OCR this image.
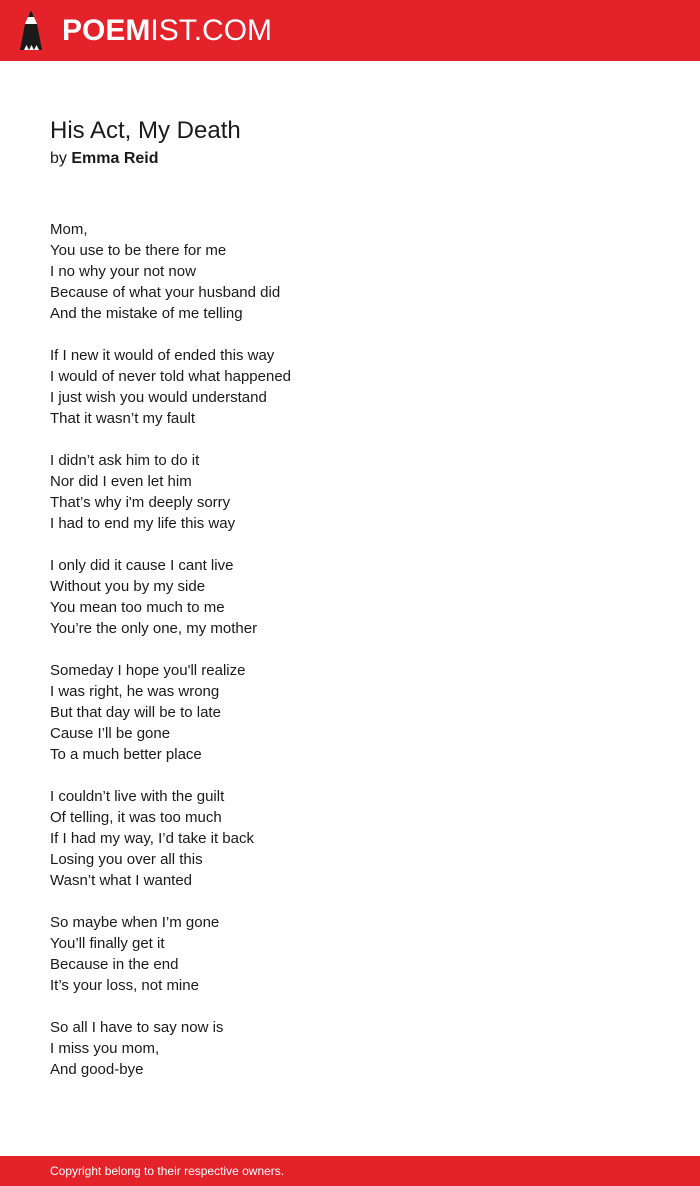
POEMIST.COM
His Act, My Death
by Emma Reid
Mom,
You use to be there for me
I no why your not now
Because of what your husband did
And the mistake of me telling
If I new it would of ended this way
I would of never told what happened
I just wish you would understand
That it wasn’t my fault
I didn’t ask him to do it
Nor did I even let him
That’s why i'm deeply sorry
I had to end my life this way
I only did it cause I cant live
Without you by my side
You mean too much to me
You’re the only one, my mother
Someday I hope you'll realize
I was right, he was wrong
But that day will be to late
Cause I’ll be gone
To a much better place
I couldn’t live with the guilt
Of telling, it was too much
If I had my way, I’d take it back
Losing you over all this
Wasn’t what I wanted
So maybe when I’m gone
You’ll finally get it
Because in the end
It’s your loss, not mine
So all I have to say now is
I miss you mom,
And good-bye
Copyright belong to their respective owners.
